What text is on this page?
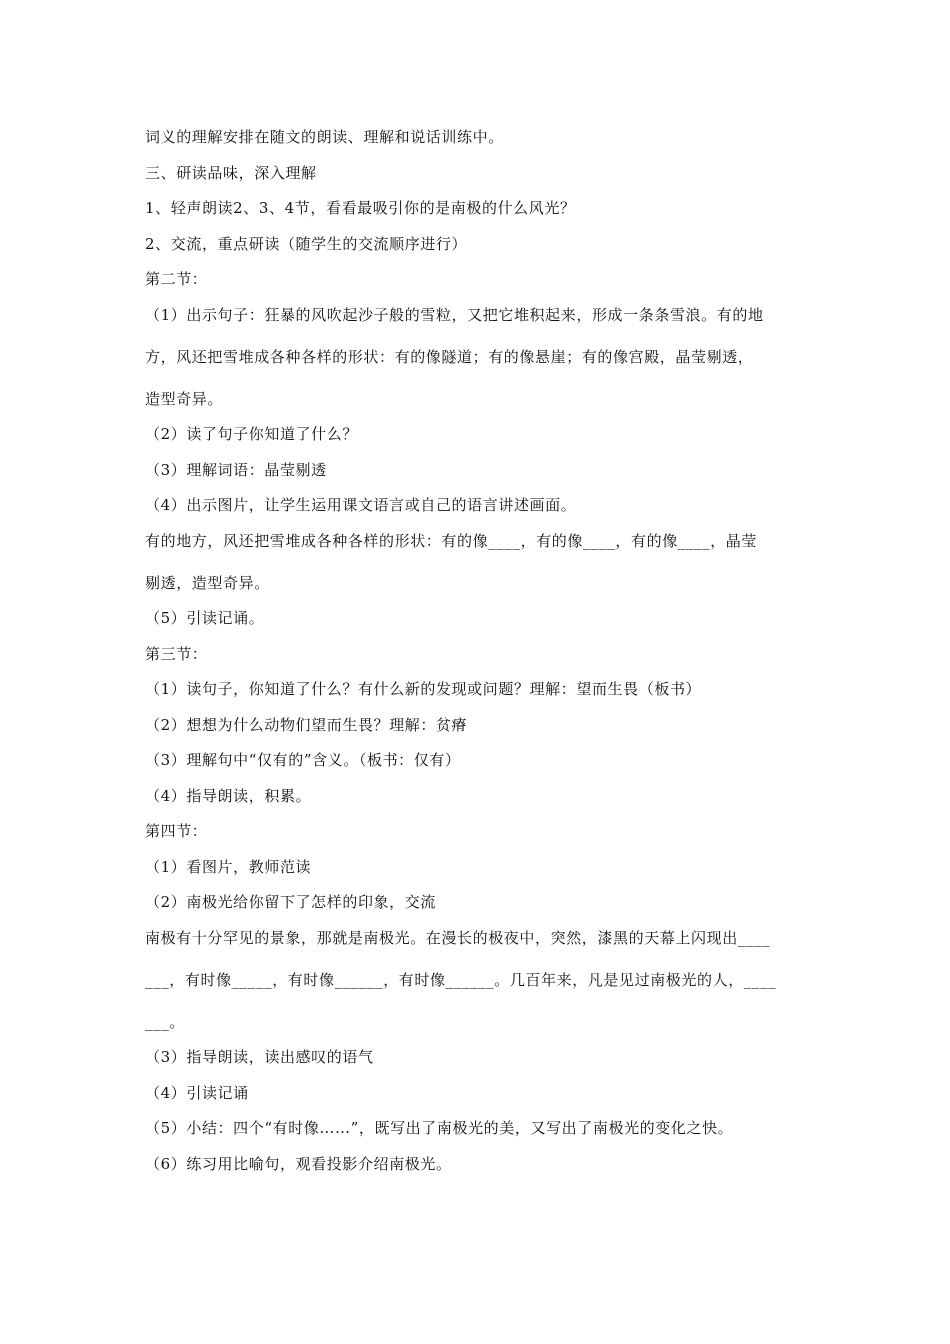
词义的理解安排在随文的朗读、理解和说话训练中。

三、研读品味，深入理解

1、轻声朗读2、3、4节，看看最吸引你的是南极的什么风光？

2、交流，重点研读（随学生的交流顺序进行）

第二节：

（1）出示句子：狂暴的风吹起沙子般的雪粒，又把它堆积起来，形成一条条雪浪。有的地

方，风还把雪堆成各种各样的形状：有的像隧道；有的像悬崖；有的像宫殿，晶莹剔透，

造型奇异。

（2）读了句子你知道了什么？

（3）理解词语：晶莹剔透

（4）出示图片，让学生运用课文语言或自己的语言讲述画面。

有的地方，风还把雪堆成各种各样的形状：有的像____，有的像____，有的像____，晶莹

剔透，造型奇异。

（5）引读记诵。

第三节：

（1）读句子，你知道了什么？有什么新的发现或问题？理解：望而生畏（板书）

（2）想想为什么动物们望而生畏？理解：贫瘠

（3）理解句中“仅有的”含义。（板书：仅有）

（4）指导朗读，积累。

第四节：

（1）看图片，教师范读

（2）南极光给你留下了怎样的印象，交流

南极有十分罕见的景象，那就是南极光。在漫长的极夜中，突然，漆黑的天幕上闪现出____

___，有时像_____，有时像______，有时像______。几百年来，凡是见过南极光的人，____

___。

（3）指导朗读，读出感叹的语气

（4）引读记诵

（5）小结：四个“有时像……”，既写出了南极光的美，又写出了南极光的变化之快。

（6）练习用比喻句，观看投影介绍南极光。
